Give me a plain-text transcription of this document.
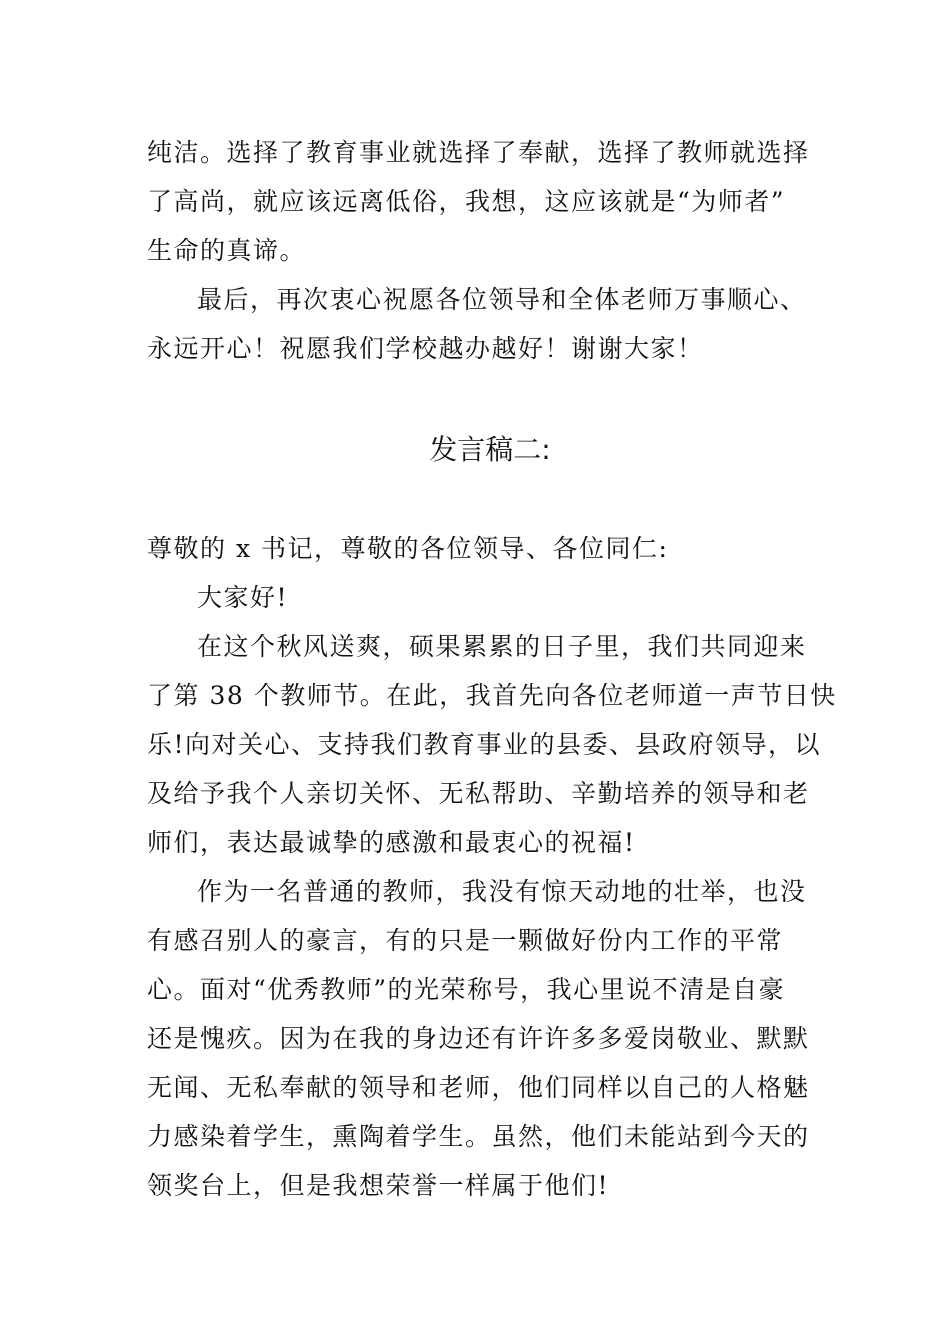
纯洁。选择了教育事业就选择了奉献，选择了教师就选择
了高尚，就应该远离低俗，我想，这应该就是“为师者”
生命的真谛。
最后，再次衷心祝愿各位领导和全体老师万事顺心、
永远开心！祝愿我们学校越办越好！谢谢大家！
发言稿二:
尊敬的 x 书记，尊敬的各位领导、各位同仁:
大家好!
在这个秋风送爽，硕果累累的日子里，我们共同迎来
了第 38 个教师节。在此，我首先向各位老师道一声节日快
乐!向对关心、支持我们教育事业的县委、县政府领导，以
及给予我个人亲切关怀、无私帮助、辛勤培养的领导和老
师们，表达最诚挚的感激和最衷心的祝福!
作为一名普通的教师，我没有惊天动地的壮举，也没
有感召别人的豪言，有的只是一颗做好份内工作的平常
心。面对“优秀教师”的光荣称号，我心里说不清是自豪
还是愧疚。因为在我的身边还有许许多多爱岗敬业、默默
无闻、无私奉献的领导和老师，他们同样以自己的人格魅
力感染着学生，熏陶着学生。虽然，他们未能站到今天的
领奖台上，但是我想荣誉一样属于他们!
